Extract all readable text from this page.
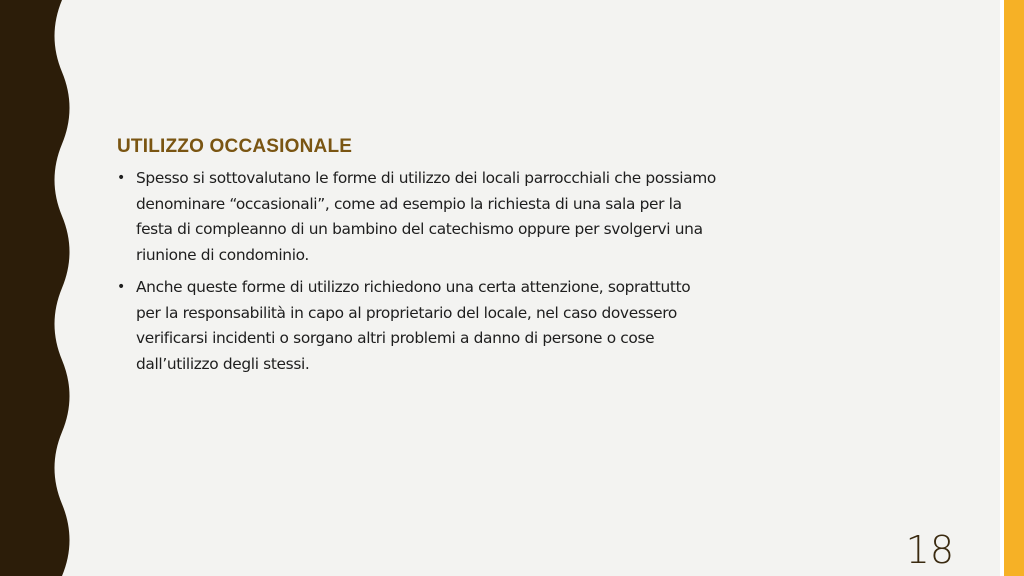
UTILIZZO OCCASIONALE
• Spesso si sottovalutano le forme di utilizzo dei locali parrocchiali che possiamo denominare “occasionali”, come ad esempio la richiesta di una sala per la festa di compleanno di un bambino del catechismo oppure per svolgervi una riunione di condominio.
• Anche queste forme di utilizzo richiedono una certa attenzione, soprattutto per la responsabilità in capo al proprietario del locale, nel caso dovessero verificarsi incidenti o sorgano altri problemi a danno di persone o cose dall’utilizzo degli stessi.
18
